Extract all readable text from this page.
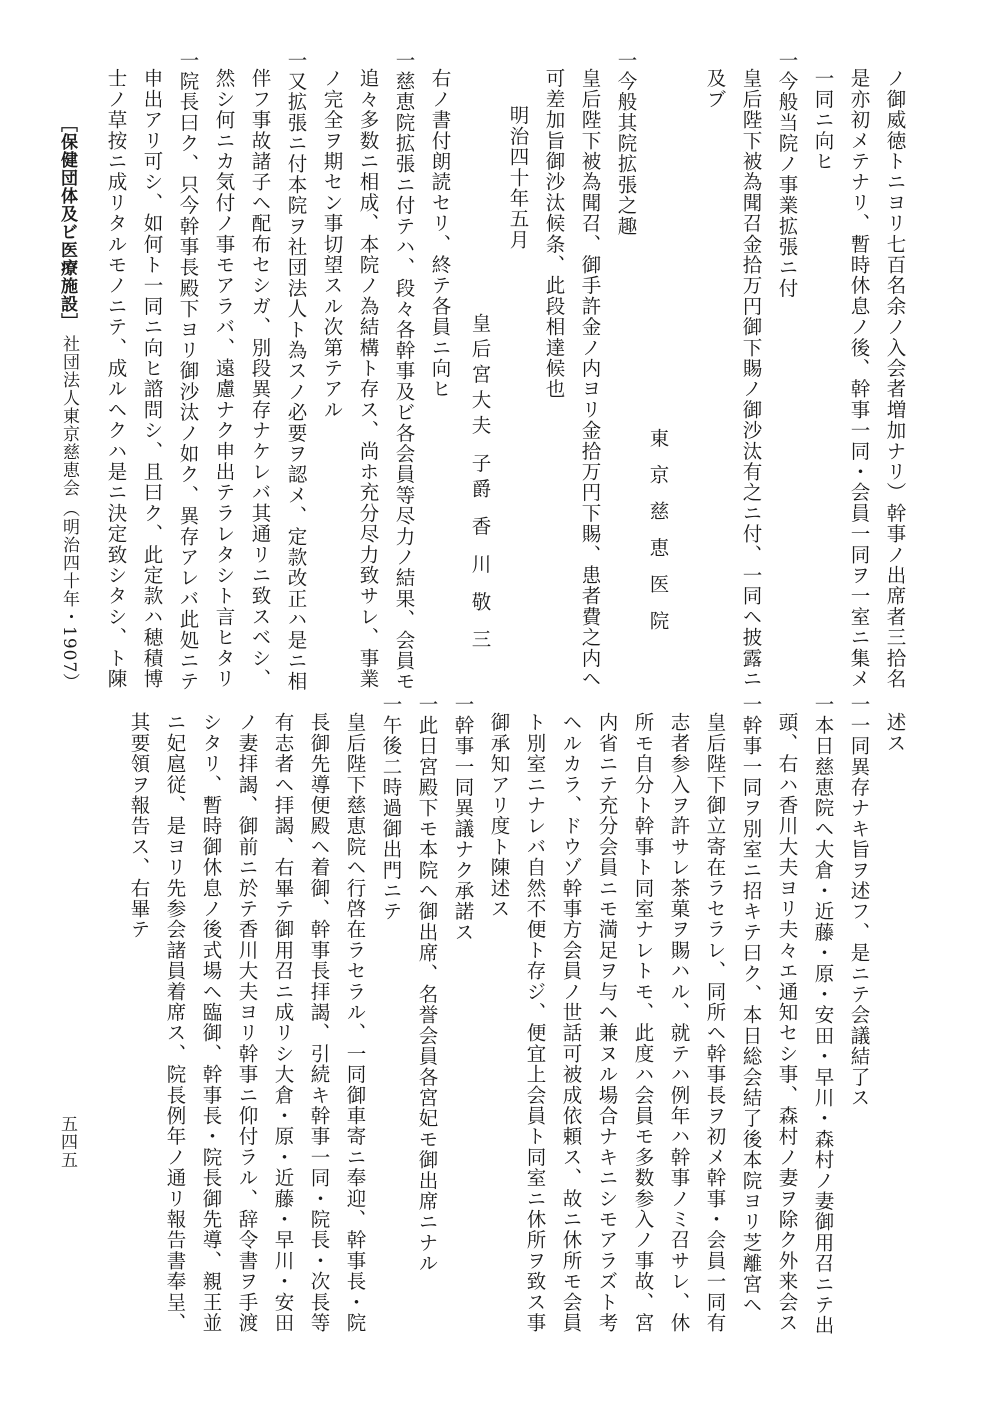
ノ御威徳トニヨリ七百名余ノ入会者増加ナリ）幹事ノ出席者三拾名
是亦初メテナリ、暫時休息ノ後、幹事一同・会員一同ヲ一室ニ集メ
一同ニ向ヒ
一今般当院ノ事業拡張ニ付
皇后陛下被為聞召金拾万円御下賜ノ御沙汰有之ニ付、一同ヘ披露ニ
及ブ
一今般其院拡張之趣
皇后陛下被為聞召、御手許金ノ内ヨリ金拾万円下賜、患者費之内ヘ
可差加旨御沙汰候条、此段相達候也
明治四十年五月
東京慈恵医院
皇后宮大夫 子爵 香 川 敬 三
右ノ書付朗読セリ、終テ各員ニ向ヒ
一慈恵院拡張ニ付テハ、段々各幹事及ビ各会員等尽力ノ結果、会員モ
追々多数ニ相成、本院ノ為結構ト存ス、尚ホ充分尽力致サレ、事業
ノ完全ヲ期セン事切望スル次第テアル
一又拡張ニ付本院ヲ社団法人ト為スノ必要ヲ認メ、定款改正ハ是ニ相
伴フ事故諸子ヘ配布セシガ、別段異存ナケレバ其通リニ致スベシ、
然シ何ニカ気付ノ事モアラバ、遠慮ナク申出テラレタシト言ヒタリ
一院長曰ク、只今幹事長殿下ヨリ御沙汰ノ如ク、異存アレバ此処ニテ
申出アリ可シ、如何ト一同ニ向ヒ諮問シ、且曰ク、此定款ハ穂積博
士ノ草按ニ成リタルモノニテ、成ルヘクハ是ニ決定致シタシ、ト陳
［保健団体及ビ医療施設］
社団法人東京慈恵会
（明治四十年・1907）
述ス
一一同異存ナキ旨ヲ述フ、是ニテ会議結了ス
一本日慈恵院ヘ大倉・近藤・原・安田・早川・森村ノ妻御用召ニテ出
頭、右ハ香川大夫ヨリ夫々エ通知セシ事、森村ノ妻ヲ除ク外来会ス
一幹事一同ヲ別室ニ招キテ曰ク、本日総会結了後本院ヨリ芝離宮ヘ
皇后陛下御立寄在ラセラレ、同所ヘ幹事長ヲ初メ幹事・会員一同有
志者参入ヲ許サレ茶菓ヲ賜ハル、就テハ例年ハ幹事ノミ召サレ、休
所モ自分ト幹事ト同室ナレトモ、此度ハ会員モ多数参入ノ事故、宮
内省ニテ充分会員ニモ満足ヲ与ヘ兼ヌル場合ナキニシモアラズト考
ヘルカラ、ドウゾ幹事方会員ノ世話可被成依頼ス、故ニ休所モ会員
ト別室ニナレバ自然不便ト存ジ、便宜上会員ト同室ニ休所ヲ致ス事
御承知アリ度ト陳述ス
一幹事一同異議ナク承諾ス
一此日宮殿下モ本院ヘ御出席、名誉会員各宮妃モ御出席ニナル
一午後二時過御出門ニテ
皇后陛下慈恵院ヘ行啓在ラセラル、一同御車寄ニ奉迎、幹事長・院
長御先導便殿ヘ着御、幹事長拝謁、引続キ幹事一同・院長・次長等
有志者ヘ拝謁、右畢テ御用召ニ成リシ大倉・原・近藤・早川・安田
ノ妻拝謁、御前ニ於テ香川大夫ヨリ幹事ニ仰付ラル、辞令書ヲ手渡
シタリ、暫時御休息ノ後式場ヘ臨御、幹事長・院長御先導、親王並
ニ妃扈従、是ヨリ先参会諸員着席ス、院長例年ノ通リ報告書奉呈、
其要領ヲ報告ス、右畢テ
五四五
